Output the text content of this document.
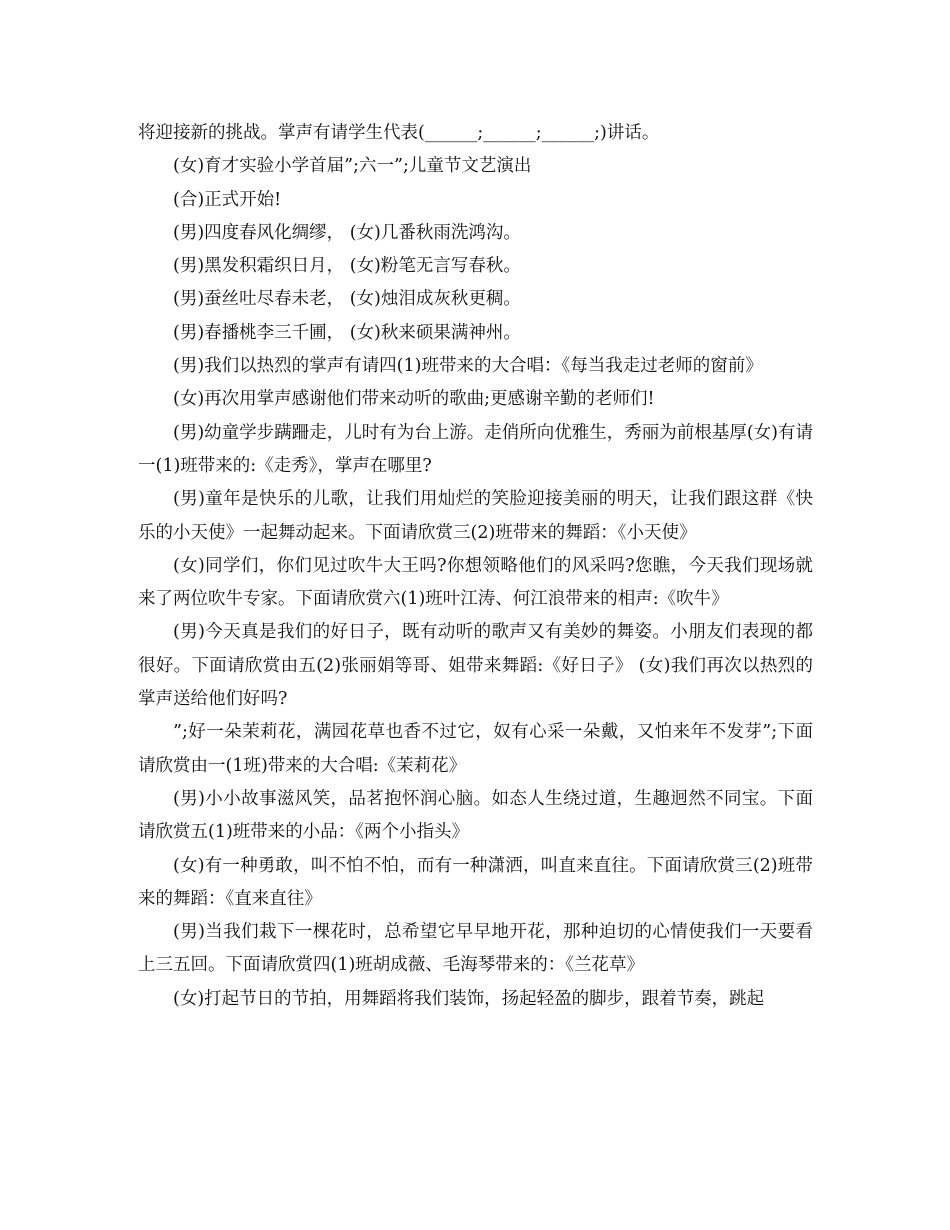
将迎接新的挑战。掌声有请学生代表(______;______;______;)讲话。

(女)育才实验小学首届”;六一”;儿童节文艺演出

(合)正式开始!

(男)四度春风化绸缪， (女)几番秋雨洗鸿沟。

(男)黑发积霜织日月， (女)粉笔无言写春秋。

(男)蚕丝吐尽春未老， (女)烛泪成灰秋更稠。

(男)春播桃李三千圃， (女)秋来硕果满神州。

(男)我们以热烈的掌声有请四(1)班带来的大合唱：《每当我走过老师的窗前》

(女)再次用掌声感谢他们带来动听的歌曲;更感谢辛勤的老师们!

(男)幼童学步蹒跚走，儿时有为台上游。走俏所向优雅生，秀丽为前根基厚(女)有请一(1)班带来的:《走秀》，掌声在哪里?

(男)童年是快乐的儿歌，让我们用灿烂的笑脸迎接美丽的明天，让我们跟这群《快乐的小天使》一起舞动起来。下面请欣赏三(2)班带来的舞蹈：《小天使》

(女)同学们，你们见过吹牛大王吗?你想领略他们的风采吗?您瞧，今天我们现场就来了两位吹牛专家。下面请欣赏六(1)班叶江涛、何江浪带来的相声:《吹牛》

(男)今天真是我们的好日子，既有动听的歌声又有美妙的舞姿。小朋友们表现的都很好。下面请欣赏由五(2)张丽娟等哥、姐带来舞蹈:《好日子》 (女)我们再次以热烈的掌声送给他们好吗?

”;好一朵茉莉花，满园花草也香不过它，奴有心采一朵戴，又怕来年不发芽”;下面请欣赏由一(1班)带来的大合唱:《茉莉花》

(男)小小故事滋风笑，品茗抱怀润心脑。如态人生绕过道，生趣迥然不同宝。下面请欣赏五(1)班带来的小品：《两个小指头》

(女)有一种勇敢，叫不怕不怕，而有一种潇洒，叫直来直往。下面请欣赏三(2)班带来的舞蹈：《直来直往》

(男)当我们栽下一棵花时，总希望它早早地开花，那种迫切的心情使我们一天要看上三五回。下面请欣赏四(1)班胡成薇、毛海琴带来的：《兰花草》

(女)打起节日的节拍，用舞蹈将我们装饰，扬起轻盈的脚步，跟着节奏，跳起
